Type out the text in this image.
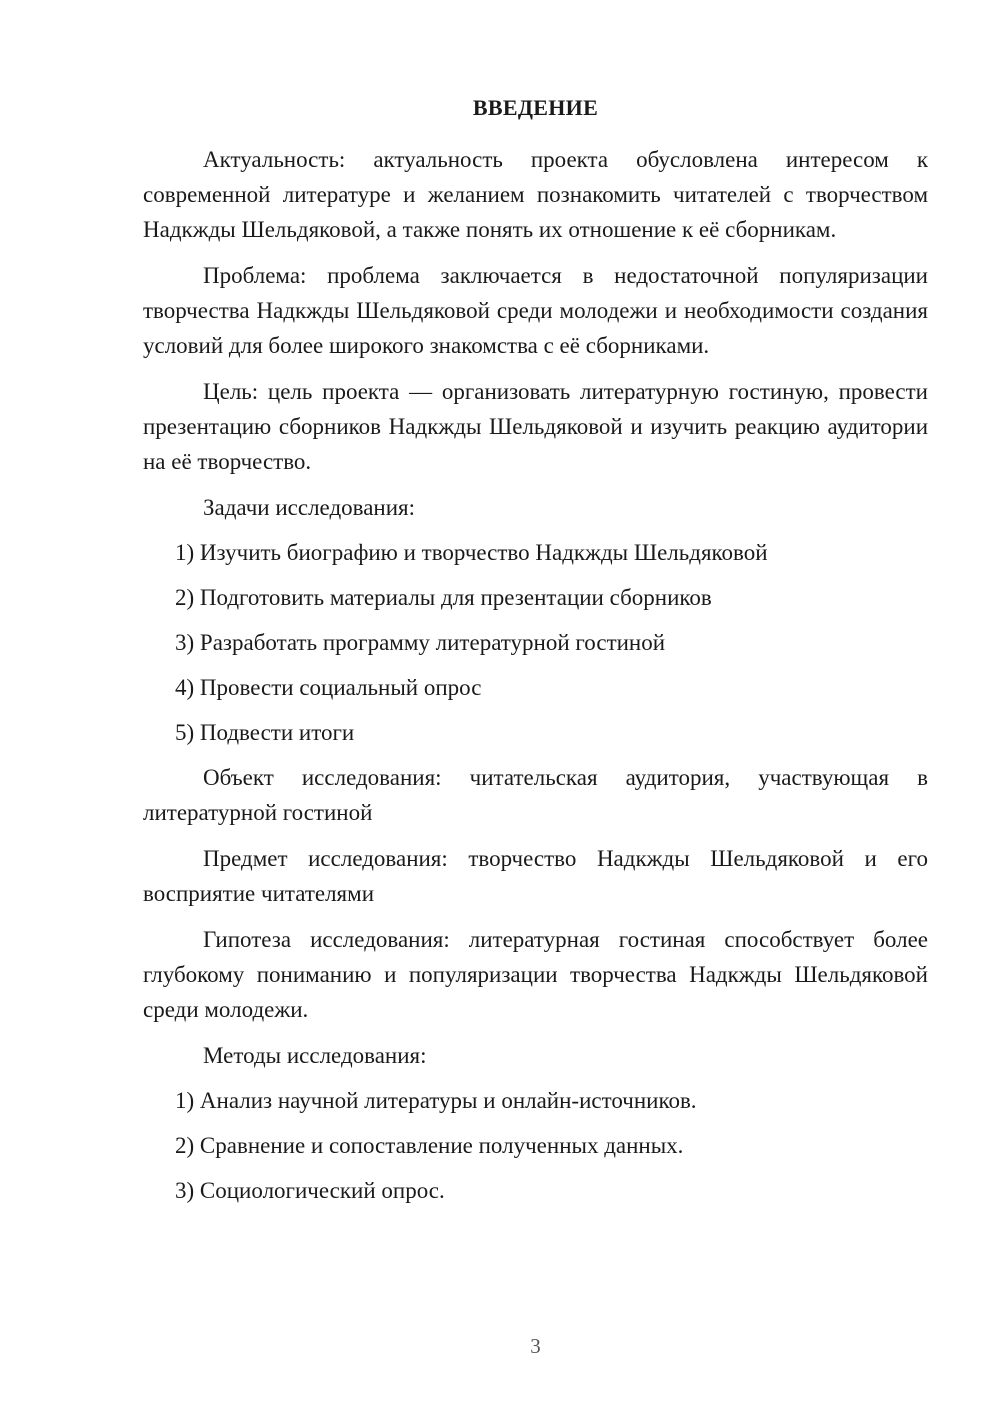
ВВЕДЕНИЕ

Актуальность: актуальность проекта обусловлена интересом к современной литературе и желанием познакомить читателей с творчеством Надкжды Шельдяковой, а также понять их отношение к её сборникам.

Проблема: проблема заключается в недостаточной популяризации творчества Надкжды Шельдяковой среди молодежи и необходимости создания условий для более широкого знакомства с её сборниками.

Цель: цель проекта — организовать литературную гостиную, провести презентацию сборников Надкжды Шельдяковой и изучить реакцию аудитории на её творчество.

Задачи исследования:

1) Изучить биографию и творчество Надкжды Шельдяковой
2) Подготовить материалы для презентации сборников
3) Разработать программу литературной гостиной
4) Провести социальный опрос
5) Подвести итоги

Объект исследования: читательская аудитория, участвующая в литературной гостиной

Предмет исследования: творчество Надкжды Шельдяковой и его восприятие читателями

Гипотеза исследования: литературная гостиная способствует более глубокому пониманию и популяризации творчества Надкжды Шельдяковой среди молодежи.

Методы исследования:

1) Анализ научной литературы и онлайн-источников.
2) Сравнение и сопоставление полученных данных.
3) Социологический опрос.
3
